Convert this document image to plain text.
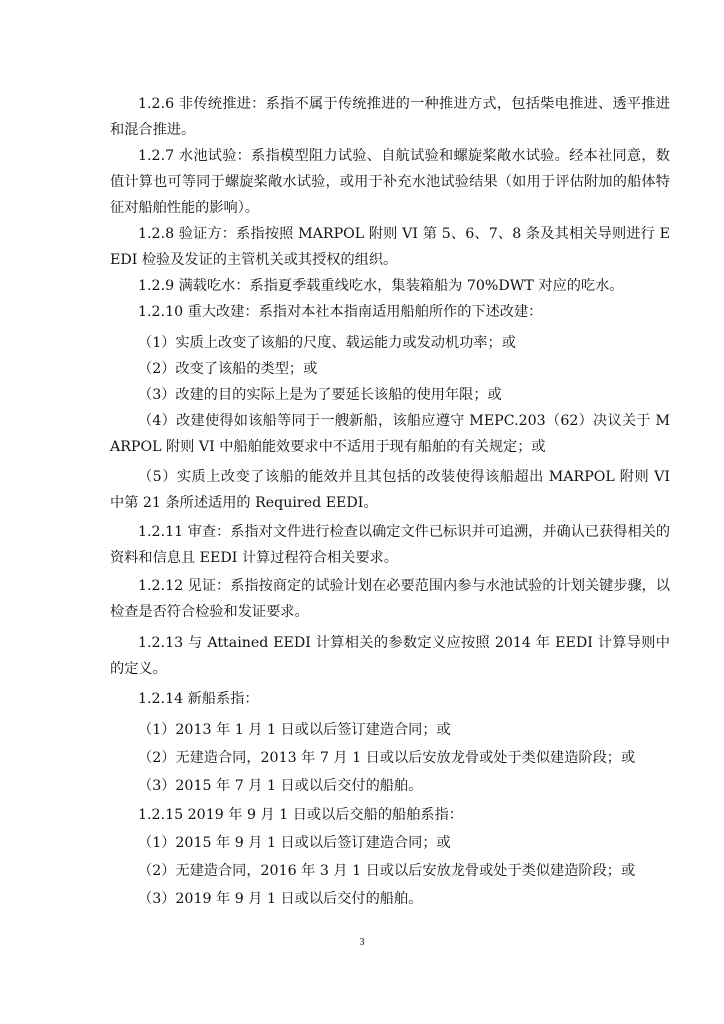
1.2.6 非传统推进：系指不属于传统推进的一种推进方式，包括柴电推进、透平推进和混合推进。

1.2.7 水池试验：系指模型阻力试验、自航试验和螺旋桨敞水试验。经本社同意，数值计算也可等同于螺旋桨敞水试验，或用于补充水池试验结果（如用于评估附加的船体特征对船舶性能的影响）。

1.2.8 验证方：系指按照 MARPOL 附则 VI 第 5、6、7、8 条及其相关导则进行 EEDI 检验及发证的主管机关或其授权的组织。

1.2.9 满载吃水：系指夏季载重线吃水，集装箱船为 70%DWT 对应的吃水。

1.2.10 重大改建：系指对本社本指南适用船舶所作的下述改建：

（1）实质上改变了该船的尺度、载运能力或发动机功率；或

（2）改变了该船的类型；或

（3）改建的目的实际上是为了要延长该船的使用年限；或

（4）改建使得如该船等同于一艘新船，该船应遵守 MEPC.203（62）决议关于 MARPOL 附则 VI 中船舶能效要求中不适用于现有船舶的有关规定；或

（5）实质上改变了该船的能效并且其包括的改装使得该船超出 MARPOL 附则 VI 中第 21 条所述适用的 Required EEDI。

1.2.11 审查：系指对文件进行检查以确定文件已标识并可追溯，并确认已获得相关的资料和信息且 EEDI 计算过程符合相关要求。

1.2.12 见证：系指按商定的试验计划在必要范围内参与水池试验的计划关键步骤，以检查是否符合检验和发证要求。

1.2.13 与 Attained EEDI 计算相关的参数定义应按照 2014 年 EEDI 计算导则中的定义。

1.2.14 新船系指：

（1）2013 年 1 月 1 日或以后签订建造合同；或

（2）无建造合同，2013 年 7 月 1 日或以后安放龙骨或处于类似建造阶段；或

（3）2015 年 7 月 1 日或以后交付的船舶。

1.2.15 2019 年 9 月 1 日或以后交船的船舶系指：

（1）2015 年 9 月 1 日或以后签订建造合同；或

（2）无建造合同，2016 年 3 月 1 日或以后安放龙骨或处于类似建造阶段；或

（3）2019 年 9 月 1 日或以后交付的船舶。

3
